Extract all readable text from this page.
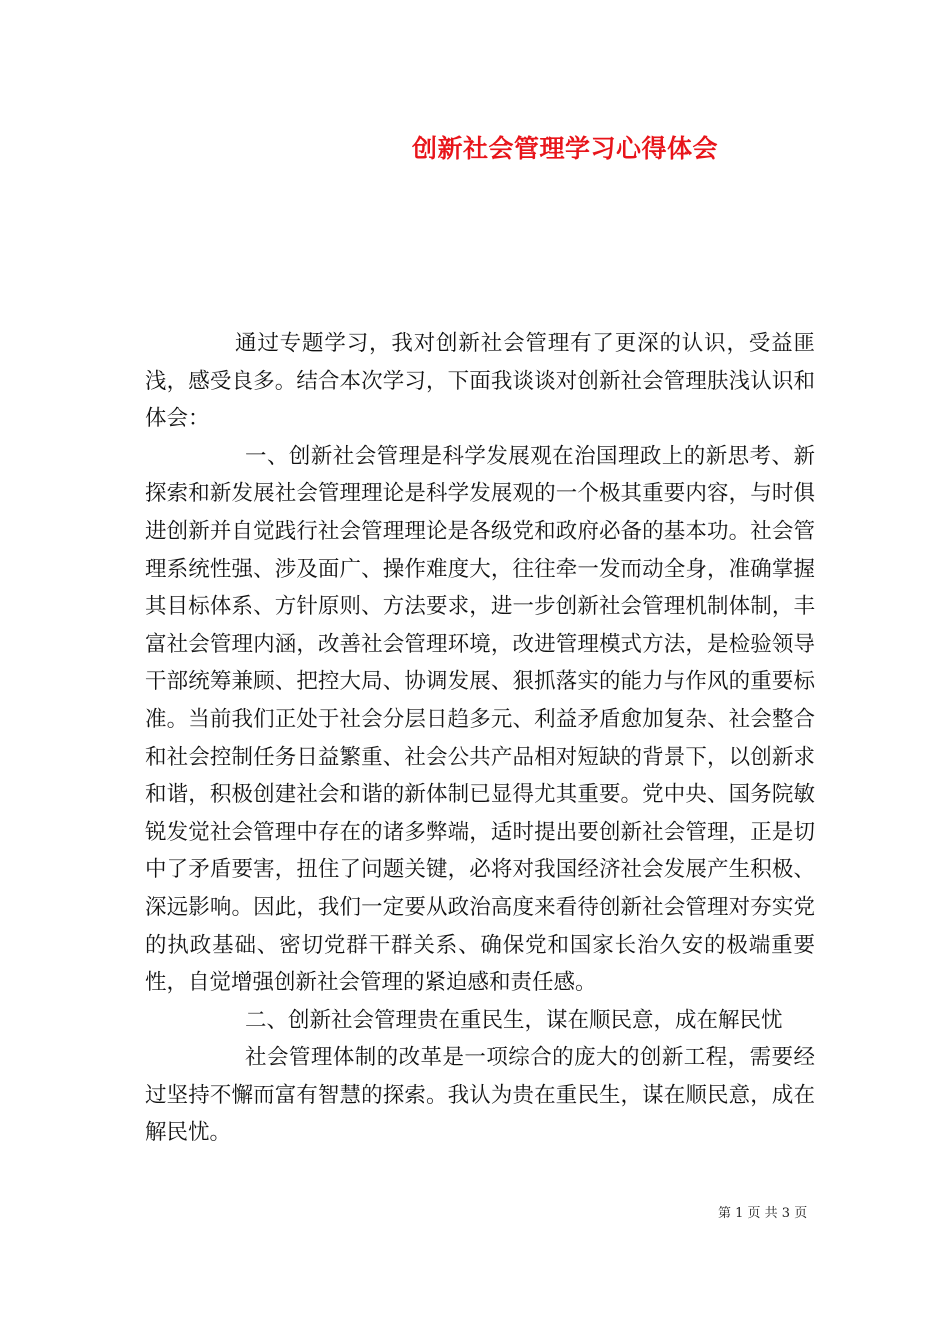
创新社会管理学习心得体会

通过专题学习，我对创新社会管理有了更深的认识，受益匪浅，感受良多。结合本次学习，下面我谈谈对创新社会管理肤浅认识和体会：

一、创新社会管理是科学发展观在治国理政上的新思考、新探索和新发展社会管理理论是科学发展观的一个极其重要内容，与时俱进创新并自觉践行社会管理理论是各级党和政府必备的基本功。社会管理系统性强、涉及面广、操作难度大，往往牵一发而动全身，准确掌握其目标体系、方针原则、方法要求，进一步创新社会管理机制体制，丰富社会管理内涵，改善社会管理环境，改进管理模式方法，是检验领导干部统筹兼顾、把控大局、协调发展、狠抓落实的能力与作风的重要标准。当前我们正处于社会分层日趋多元、利益矛盾愈加复杂、社会整合和社会控制任务日益繁重、社会公共产品相对短缺的背景下，以创新求和谐，积极创建社会和谐的新体制已显得尤其重要。党中央、国务院敏锐发觉社会管理中存在的诸多弊端，适时提出要创新社会管理，正是切中了矛盾要害，扭住了问题关键，必将对我国经济社会发展产生积极、深远影响。因此，我们一定要从政治高度来看待创新社会管理对夯实党的执政基础、密切党群干群关系、确保党和国家长治久安的极端重要性，自觉增强创新社会管理的紧迫感和责任感。

二、创新社会管理贵在重民生，谋在顺民意，成在解民忧

社会管理体制的改革是一项综合的庞大的创新工程，需要经过坚持不懈而富有智慧的探索。我认为贵在重民生，谋在顺民意，成在解民忧。

第 1 页 共 3 页
